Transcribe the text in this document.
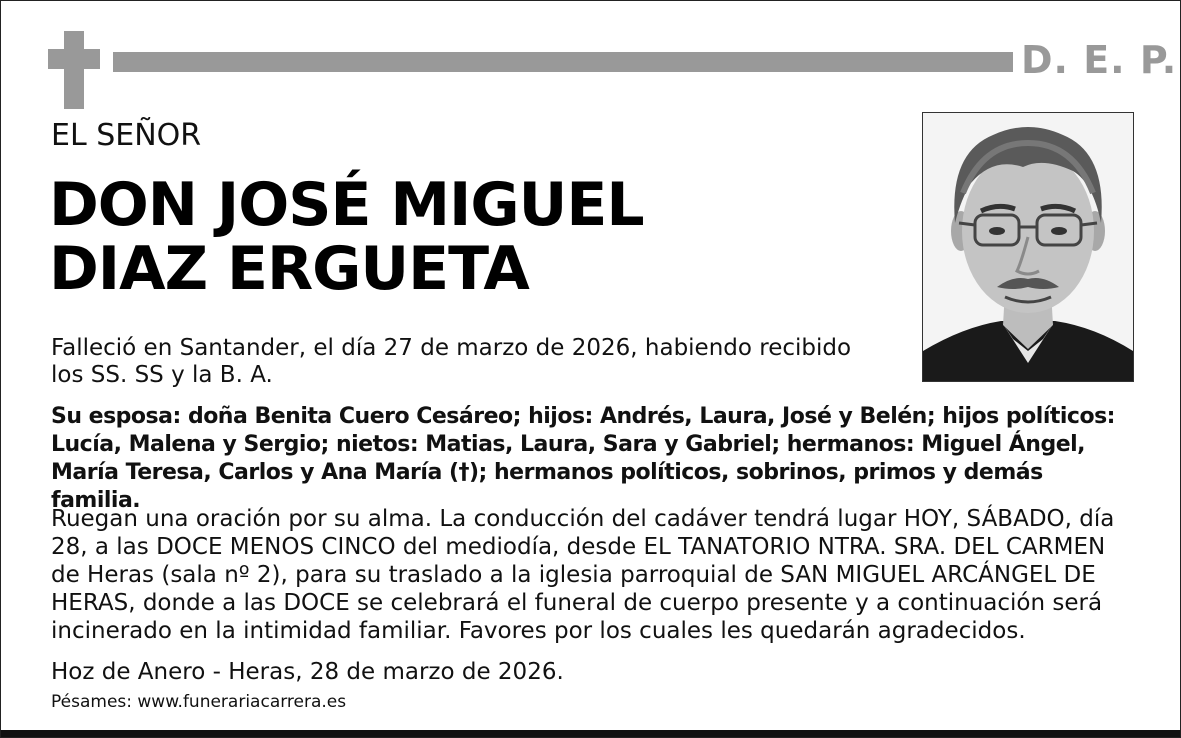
D. E. P.
EL SEÑOR
DON JOSÉ MIGUEL
DIAZ ERGUETA
Falleció en Santander, el día 27 de marzo de 2026, habiendo recibido los SS. SS y la B. A.
Su esposa: doña Benita Cuero Cesáreo; hijos: Andrés, Laura, José y Belén; hijos políticos: Lucía, Malena y Sergio; nietos: Matias, Laura, Sara y Gabriel; hermanos: Miguel Ángel, María Teresa, Carlos y Ana María (†); hermanos políticos, sobrinos, primos y demás familia.
Ruegan una oración por su alma. La conducción del cadáver tendrá lugar HOY, SÁBADO, día 28, a las DOCE MENOS CINCO del mediodía, desde EL TANATORIO NTRA. SRA. DEL CARMEN de Heras (sala nº 2), para su traslado a la iglesia parroquial de SAN MIGUEL ARCÁNGEL DE HERAS, donde a las DOCE se celebrará el funeral de cuerpo presente y a continuación será incinerado en la intimidad familiar. Favores por los cuales les quedarán agradecidos.
Hoz de Anero - Heras, 28 de marzo de 2026.
Pésames: www.funerariacarrera.es
